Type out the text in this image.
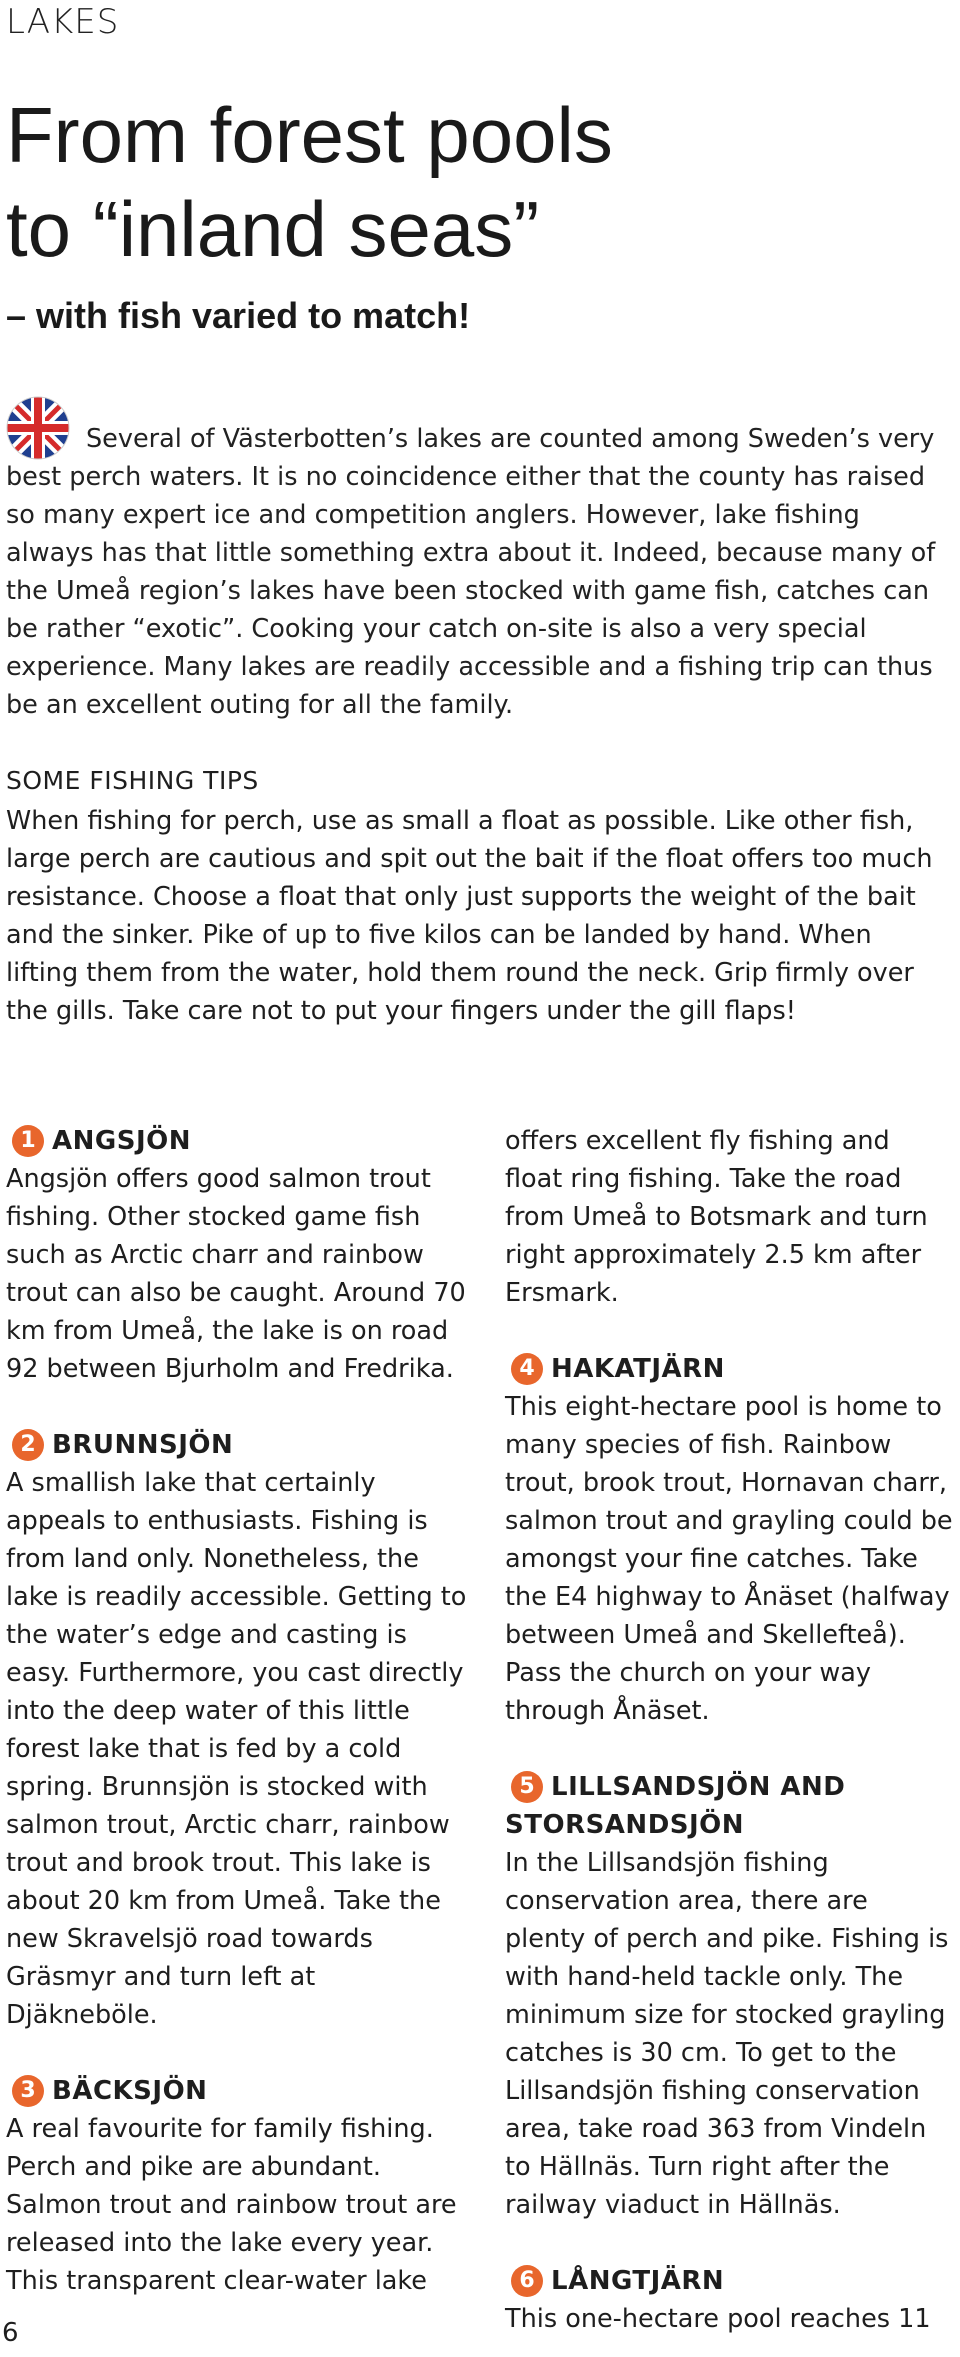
LAKES
From forest pools
to “inland seas”
– with fish varied to match!

Several of Västerbotten’s lakes are counted among Sweden’s very best perch waters. It is no coincidence either that the county has raised so many expert ice and competition anglers. However, lake fishing always has that little something extra about it. Indeed, because many of the Umeå region’s lakes have been stocked with game fish, catches can be rather “exotic”. Cooking your catch on-site is also a very special experience. Many lakes are readily accessible and a fishing trip can thus be an excellent outing for all the family.

SOME FISHING TIPS

When fishing for perch, use as small a float as possible. Like other fish, large perch are cautious and spit out the bait if the float offers too much resistance. Choose a float that only just supports the weight of the bait and the sinker. Pike of up to five kilos can be landed by hand. When lifting them from the water, hold them round the neck. Grip firmly over the gills. Take care not to put your fingers under the gill flaps!

1 ANGSJÖN

Angsjön offers good salmon trout fishing. Other stocked game fish such as Arctic charr and rainbow trout can also be caught. Around 70 km from Umeå, the lake is on road 92 between Bjurholm and Fredrika.

2 BRUNNSJÖN

A smallish lake that certainly appeals to enthusiasts. Fishing is from land only. Nonetheless, the lake is readily accessible. Getting to the water’s edge and casting is easy. Furthermore, you cast directly into the deep water of this little forest lake that is fed by a cold spring. Brunnsjön is stocked with salmon trout, Arctic charr, rainbow trout and brook trout. This lake is about 20 km from Umeå. Take the new Skravelsjö road towards Gräsmyr and turn left at Djäkneböle.

3 BÄCKSJÖN

A real favourite for family fishing. Perch and pike are abundant. Salmon trout and rainbow trout are released into the lake every year. This transparent clear-water lake

offers excellent fly fishing and float ring fishing. Take the road from Umeå to Botsmark and turn right approximately 2.5 km after Ersmark.

4 HAKATJÄRN

This eight-hectare pool is home to many species of fish. Rainbow trout, brook trout, Hornavan charr, salmon trout and grayling could be amongst your fine catches. Take the E4 highway to Ånäset (halfway between Umeå and Skellefteå). Pass the church on your way through Ånäset.

5 LILLSANDSJÖN AND
STORSANDSJÖN

In the Lillsandsjön fishing conservation area, there are plenty of perch and pike. Fishing is with hand-held tackle only. The minimum size for stocked grayling catches is 30 cm. To get to the Lillsandsjön fishing conservation area, take road 363 from Vindeln to Hällnäs. Turn right after the railway viaduct in Hällnäs.

6 LÅNGTJÄRN

This one-hectare pool reaches 11

6
